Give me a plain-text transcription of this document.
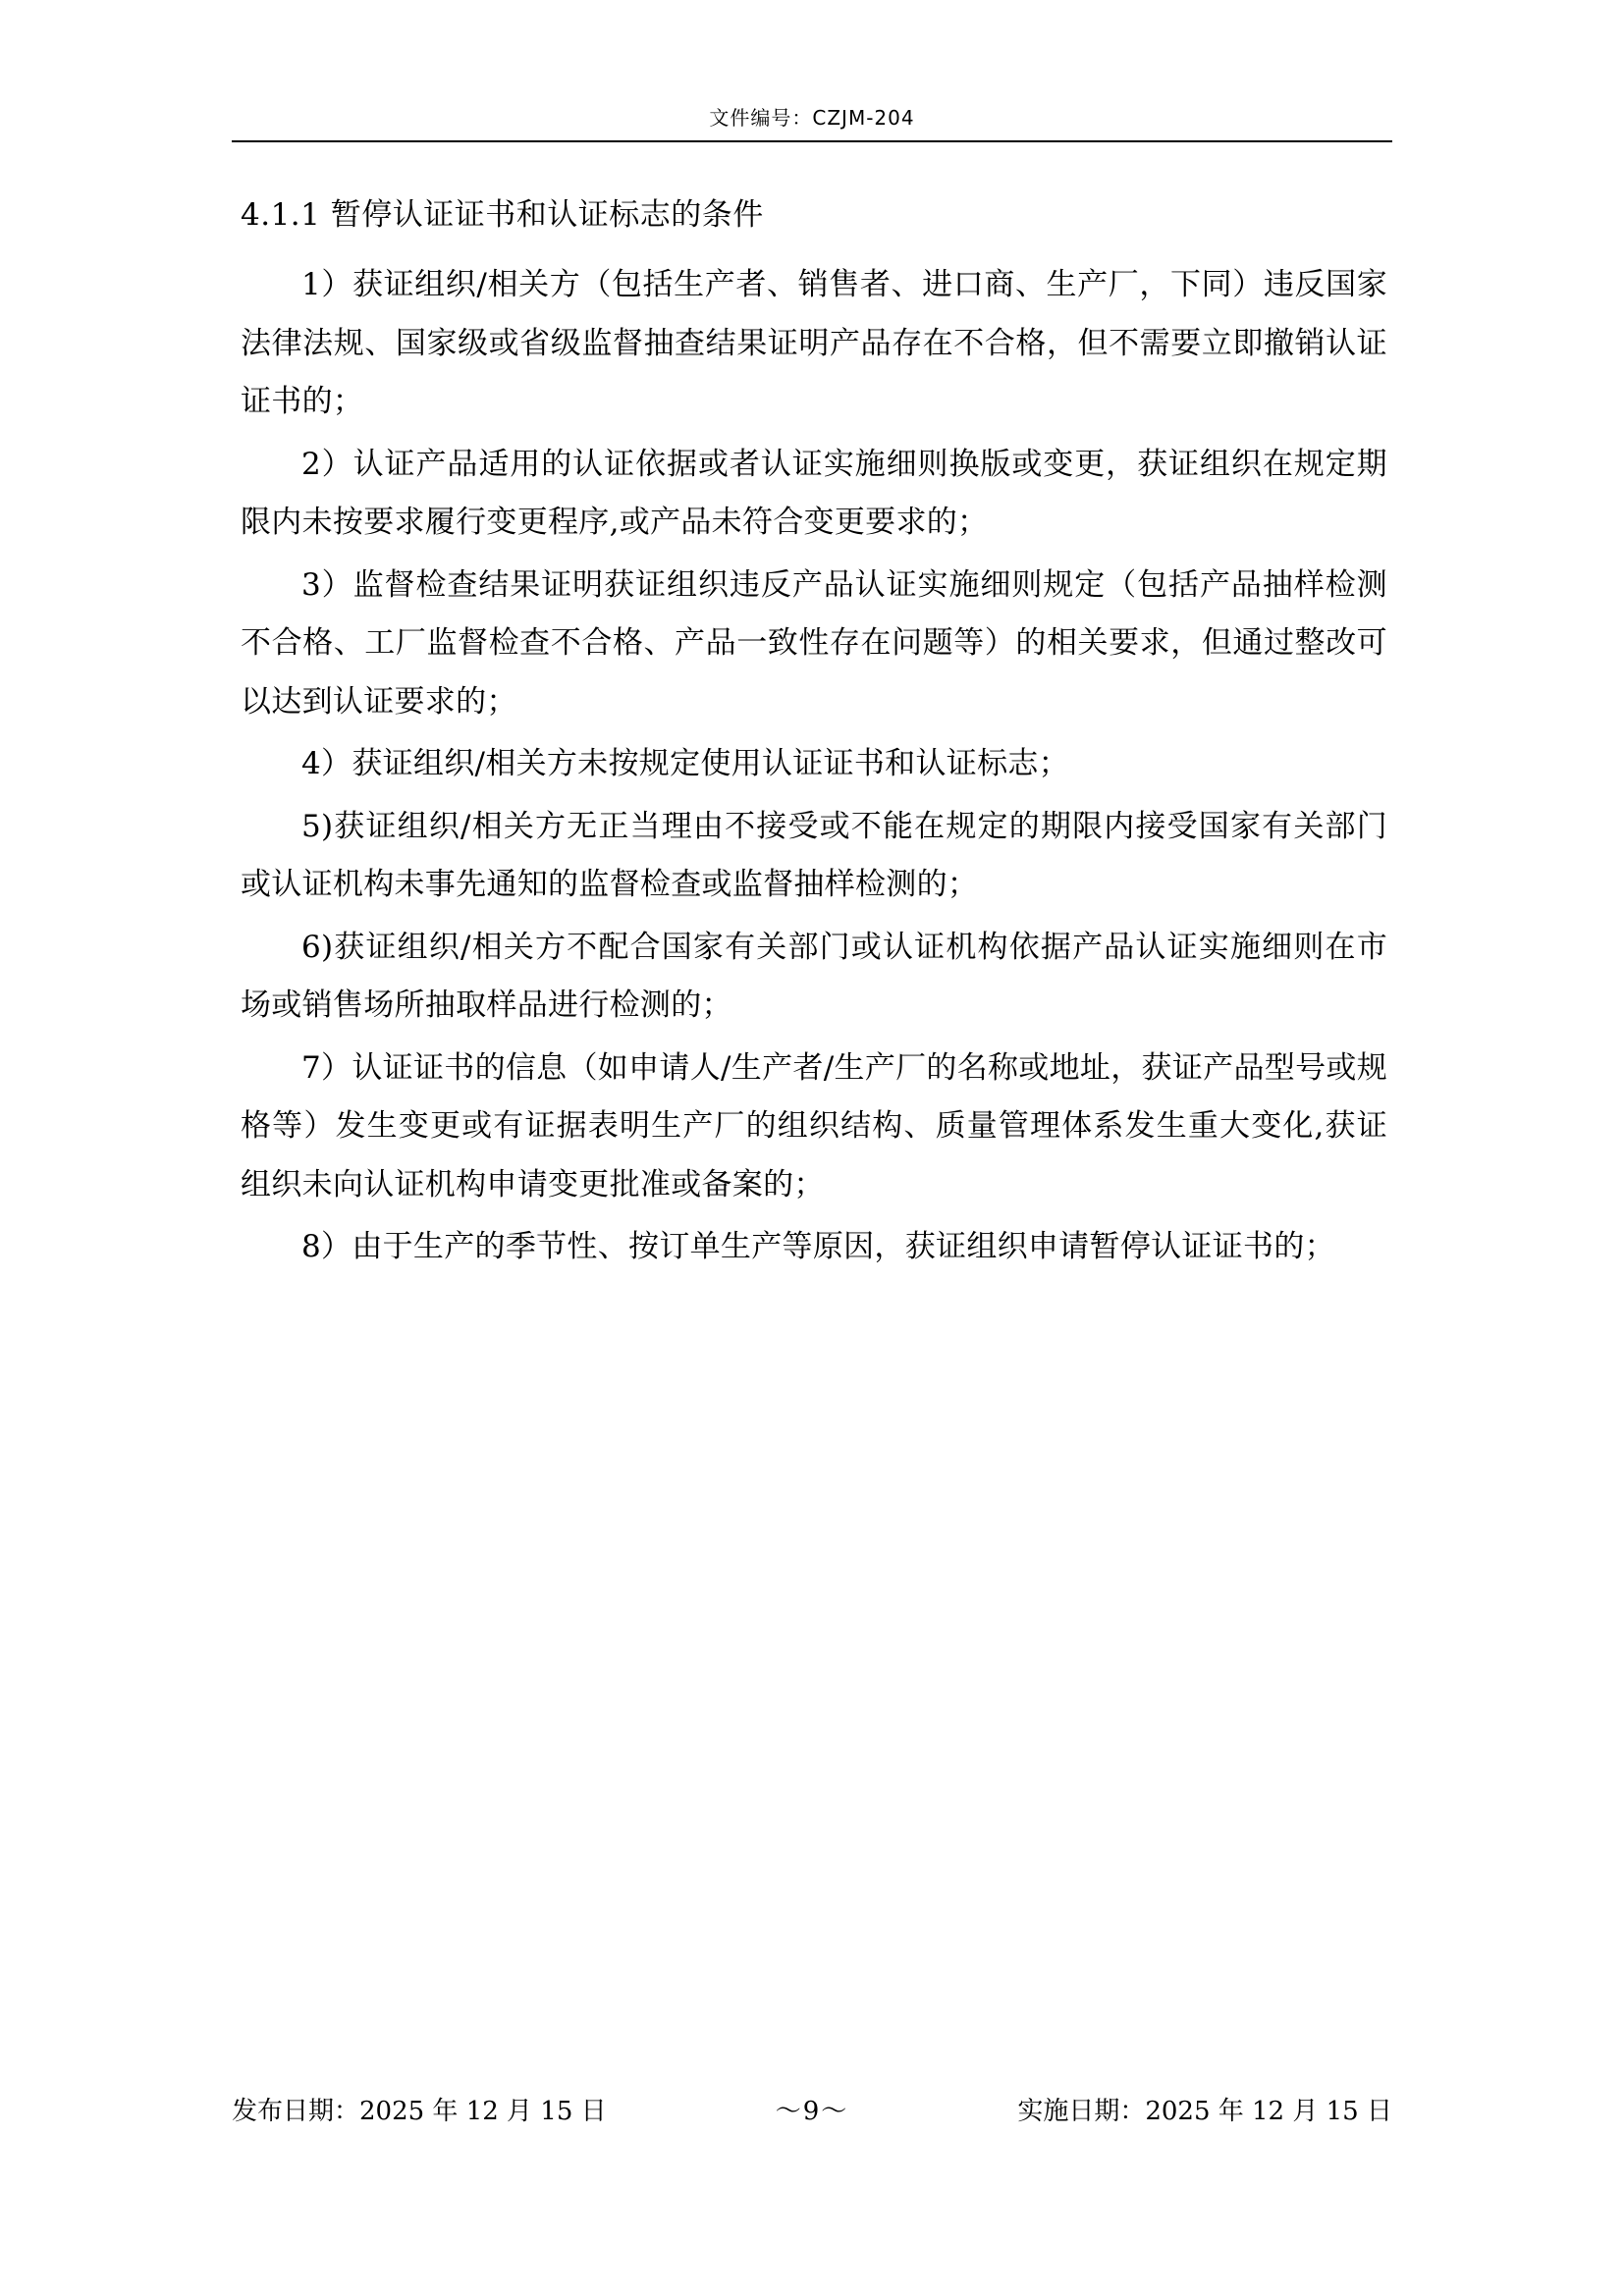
文件编号：CZJM-204
4.1.1 暂停认证证书和认证标志的条件

1）获证组织/相关方（包括生产者、销售者、进口商、生产厂，下同）违反国家法律法规、国家级或省级监督抽查结果证明产品存在不合格，但不需要立即撤销认证证书的；

2）认证产品适用的认证依据或者认证实施细则换版或变更，获证组织在规定期限内未按要求履行变更程序,或产品未符合变更要求的；

3）监督检查结果证明获证组织违反产品认证实施细则规定（包括产品抽样检测不合格、工厂监督检查不合格、产品一致性存在问题等）的相关要求，但通过整改可以达到认证要求的；

4）获证组织/相关方未按规定使用认证证书和认证标志；

5)获证组织/相关方无正当理由不接受或不能在规定的期限内接受国家有关部门或认证机构未事先通知的监督检查或监督抽样检测的；

6)获证组织/相关方不配合国家有关部门或认证机构依据产品认证实施细则在市场或销售场所抽取样品进行检测的；

7）认证证书的信息（如申请人/生产者/生产厂的名称或地址，获证产品型号或规格等）发生变更或有证据表明生产厂的组织结构、质量管理体系发生重大变化,获证组织未向认证机构申请变更批准或备案的；

8）由于生产的季节性、按订单生产等原因，获证组织申请暂停认证证书的；

发布日期：2025 年 12 月 15 日	～9～	实施日期：2025 年 12 月 15 日
